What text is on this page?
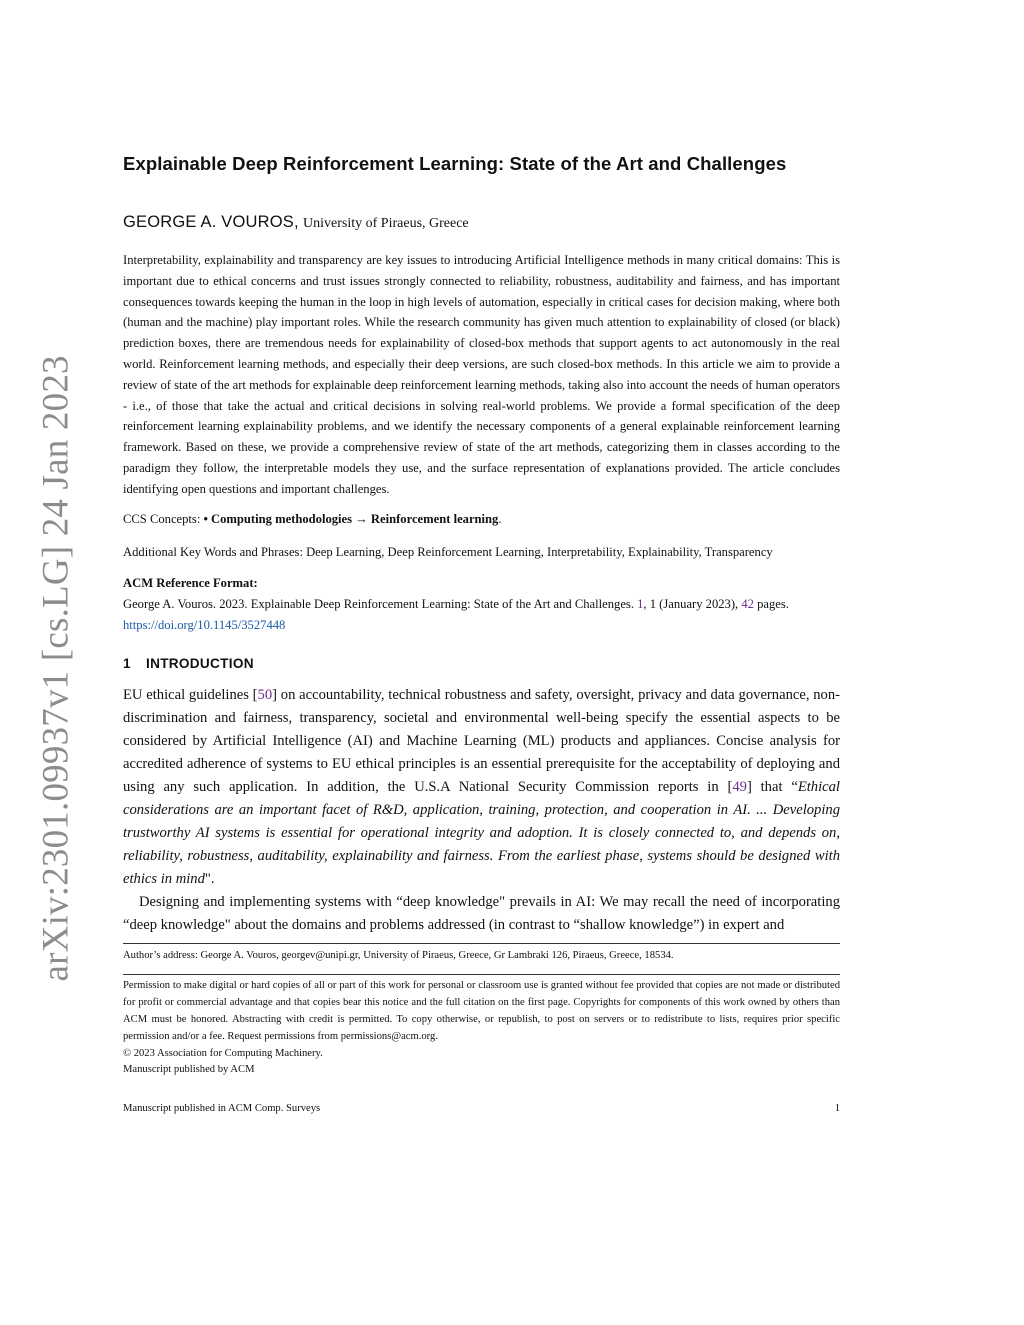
arXiv:2301.09937v1 [cs.LG] 24 Jan 2023
Explainable Deep Reinforcement Learning: State of the Art and Challenges
GEORGE A. VOUROS, University of Piraeus, Greece
Interpretability, explainability and transparency are key issues to introducing Artificial Intelligence methods in many critical domains: This is important due to ethical concerns and trust issues strongly connected to reliability, robustness, auditability and fairness, and has important consequences towards keeping the human in the loop in high levels of automation, especially in critical cases for decision making, where both (human and the machine) play important roles. While the research community has given much attention to explainability of closed (or black) prediction boxes, there are tremendous needs for explainability of closed-box methods that support agents to act autonomously in the real world. Reinforcement learning methods, and especially their deep versions, are such closed-box methods. In this article we aim to provide a review of state of the art methods for explainable deep reinforcement learning methods, taking also into account the needs of human operators - i.e., of those that take the actual and critical decisions in solving real-world problems. We provide a formal specification of the deep reinforcement learning explainability problems, and we identify the necessary components of a general explainable reinforcement learning framework. Based on these, we provide a comprehensive review of state of the art methods, categorizing them in classes according to the paradigm they follow, the interpretable models they use, and the surface representation of explanations provided. The article concludes identifying open questions and important challenges.
CCS Concepts: • Computing methodologies → Reinforcement learning.
Additional Key Words and Phrases: Deep Learning, Deep Reinforcement Learning, Interpretability, Explainability, Transparency
ACM Reference Format:
George A. Vouros. 2023. Explainable Deep Reinforcement Learning: State of the Art and Challenges. 1, 1 (January 2023), 42 pages.
https://doi.org/10.1145/3527448
1 INTRODUCTION

EU ethical guidelines [50] on accountability, technical robustness and safety, oversight, privacy and data governance, non-discrimination and fairness, transparency, societal and environmental well-being specify the essential aspects to be considered by Artificial Intelligence (AI) and Machine Learning (ML) products and appliances. Concise analysis for accredited adherence of systems to EU ethical principles is an essential prerequisite for the acceptability of deploying and using any such application. In addition, the U.S.A National Security Commission reports in [49] that “Ethical considerations are an important facet of R&D, application, training, protection, and cooperation in AI. ... Developing trustworthy AI systems is essential for operational integrity and adoption. It is closely connected to, and depends on, reliability, robustness, auditability, explainability and fairness. From the earliest phase, systems should be designed with ethics in mind".

Designing and implementing systems with “deep knowledge" prevails in AI: We may recall the need of incorporating “deep knowledge" about the domains and problems addressed (in contrast to “shallow knowledge”) in expert and

Author’s address: George A. Vouros, georgev@unipi.gr, University of Piraeus, Greece, Gr Lambraki 126, Piraeus, Greece, 18534.
Permission to make digital or hard copies of all or part of this work for personal or classroom use is granted without fee provided that copies are not made or distributed for profit or commercial advantage and that copies bear this notice and the full citation on the first page. Copyrights for components of this work owned by others than ACM must be honored. Abstracting with credit is permitted. To copy otherwise, or republish, to post on servers or to redistribute to lists, requires prior specific permission and/or a fee. Request permissions from permissions@acm.org.
© 2023 Association for Computing Machinery.
Manuscript published by ACM
Manuscript published in ACM Comp. Surveys	1
